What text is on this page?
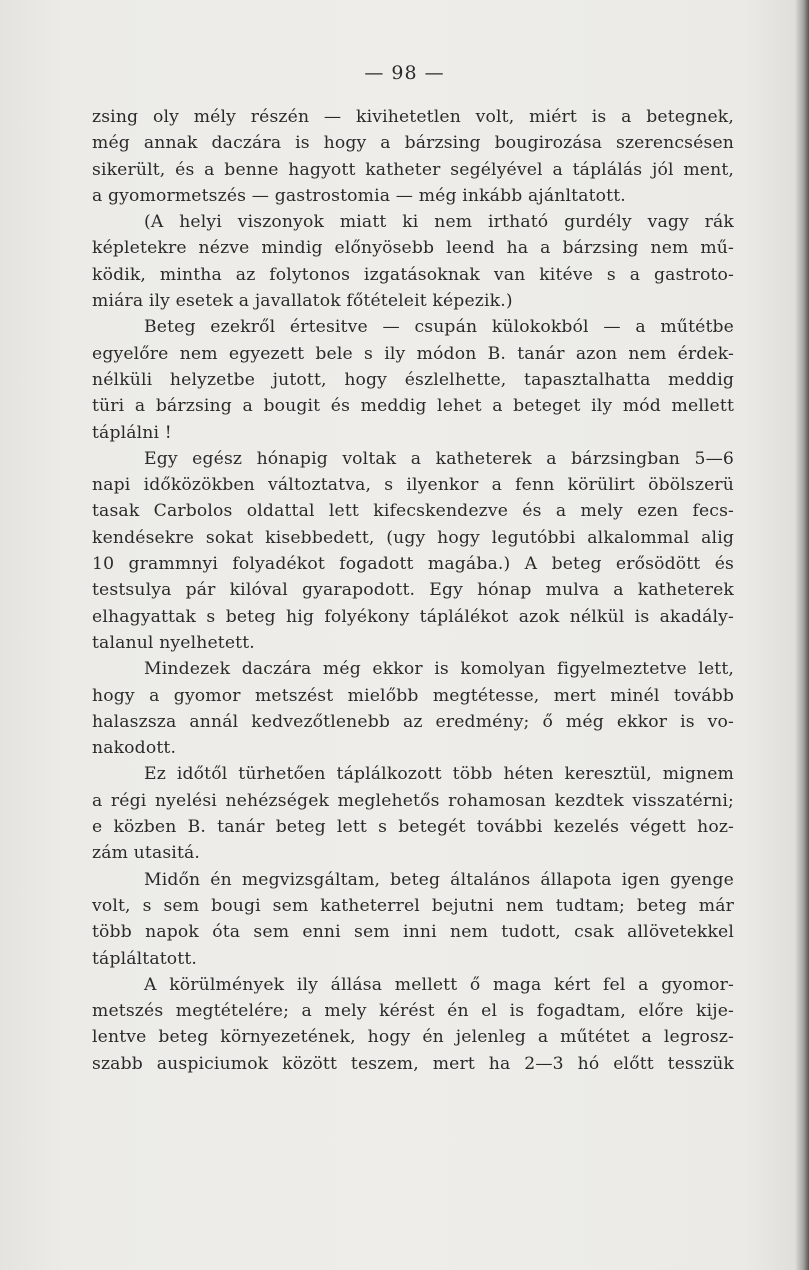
— 98 —
zsing oly mély részén — kivihetetlen volt, miért is a betegnek,
még annak daczára is hogy a bárzsing bougirozása szerencsésen
sikerült, és a benne hagyott katheter segélyével a táplálás jól ment,
a gyomormetszés — gastrostomia — még inkább ajánltatott.
(A helyi viszonyok miatt ki nem irtható gurdély vagy rák
képletekre nézve mindig előnyösebb leend ha a bárzsing nem mű-
ködik, mintha az folytonos izgatásoknak van kitéve s a gastroto-
miára ily esetek a javallatok főtételeit képezik.)
Beteg ezekről értesitve — csupán külokokból — a műtétbe
egyelőre nem egyezett bele s ily módon B. tanár azon nem érdek-
nélküli helyzetbe jutott, hogy észlelhette, tapasztalhatta meddig
türi a bárzsing a bougit és meddig lehet a beteget ily mód mellett
táplálni !
Egy egész hónapig voltak a katheterek a bárzsingban 5—6
napi időközökben változtatva, s ilyenkor a fenn körülirt öbölszerü
tasak Carbolos oldattal lett kifecskendezve és a mely ezen fecs-
kendésekre sokat kisebbedett, (ugy hogy legutóbbi alkalommal alig
10 grammnyi folyadékot fogadott magába.) A beteg erősödött és
testsulya pár kilóval gyarapodott. Egy hónap mulva a katheterek
elhagyattak s beteg hig folyékony táplálékot azok nélkül is akadály-
talanul nyelhetett.
Mindezek daczára még ekkor is komolyan figyelmeztetve lett,
hogy a gyomor metszést mielőbb megtétesse, mert minél tovább
halaszsza annál kedvezőtlenebb az eredmény; ő még ekkor is vo-
nakodott.
Ez időtől türhetően táplálkozott több héten keresztül, mignem
a régi nyelési nehézségek meglehetős rohamosan kezdtek visszatérni;
e közben B. tanár beteg lett s betegét további kezelés végett hoz-
zám utasitá.
Midőn én megvizsgáltam, beteg általános állapota igen gyenge
volt, s sem bougi sem katheterrel bejutni nem tudtam; beteg már
több napok óta sem enni sem inni nem tudott, csak allövetekkel
tápláltatott.
A körülmények ily állása mellett ő maga kért fel a gyomor-
metszés megtételére; a mely kérést én el is fogadtam, előre kije-
lentve beteg környezetének, hogy én jelenleg a műtétet a legrosz-
szabb auspiciumok között teszem, mert ha 2—3 hó előtt tesszük
